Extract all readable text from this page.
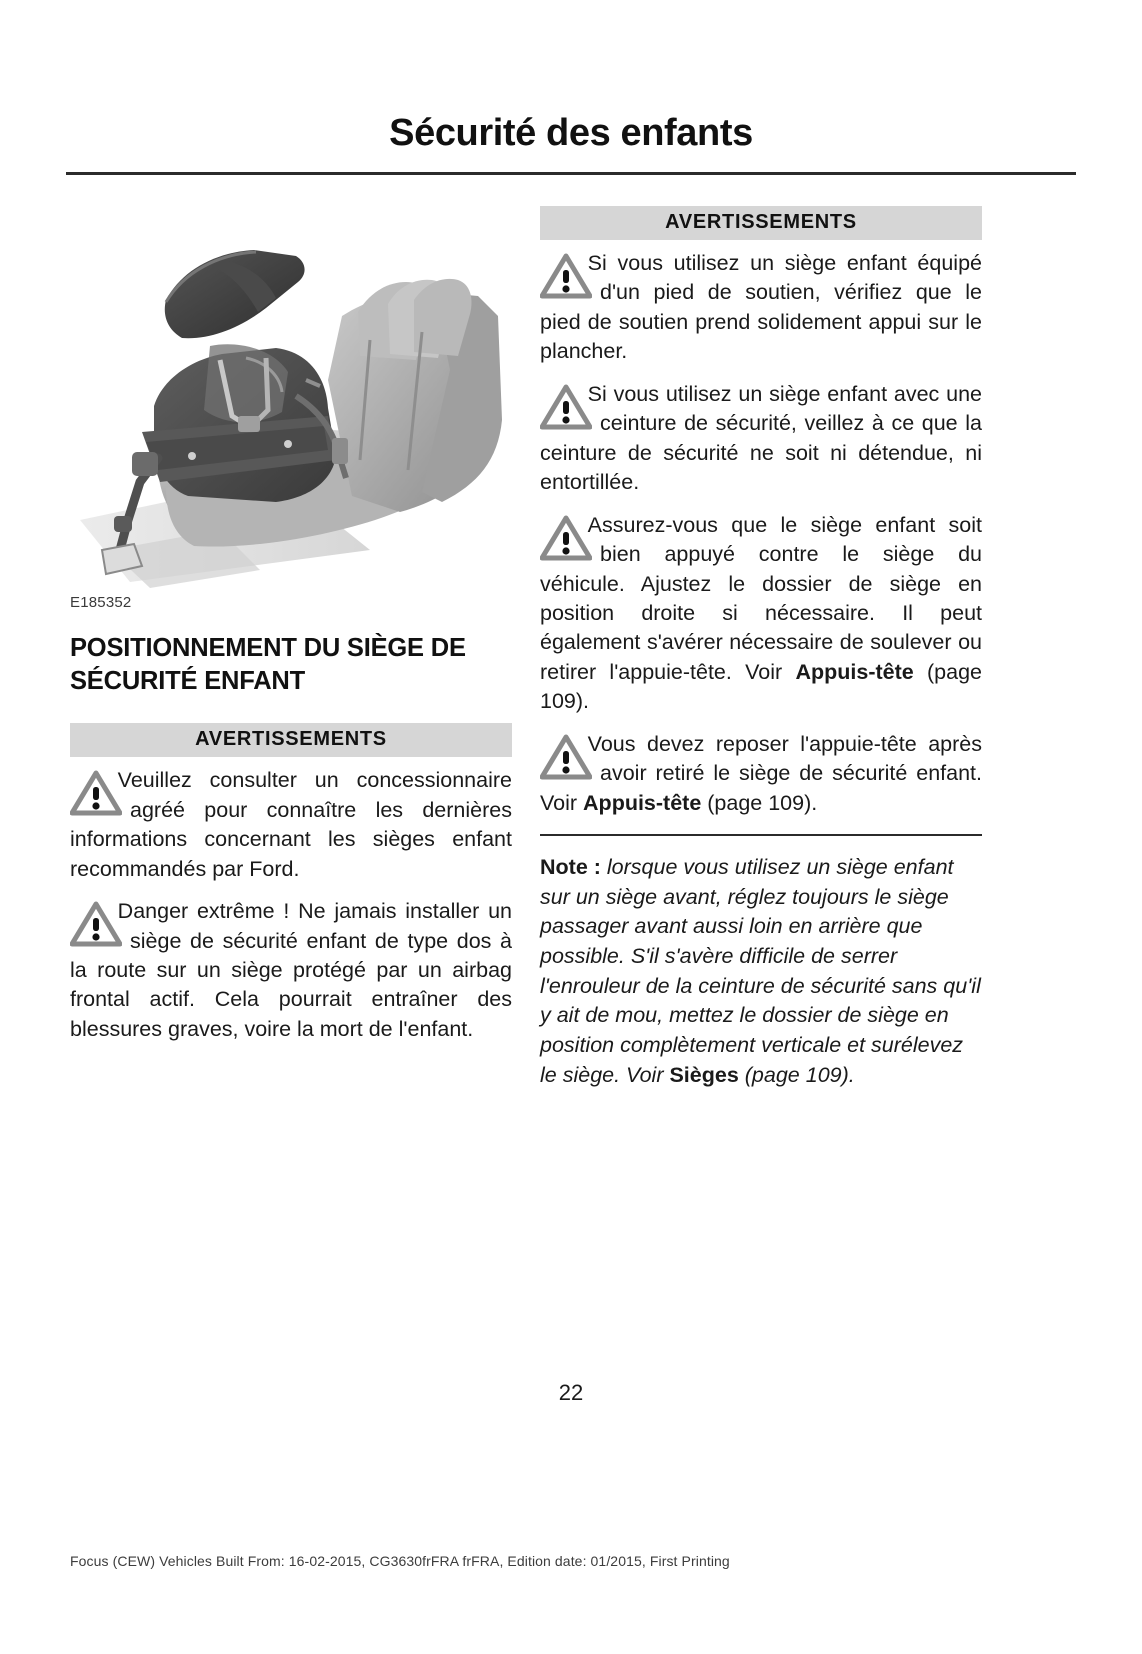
Sécurité des enfants
E185352
POSITIONNEMENT DU SIÈGE DE SÉCURITÉ ENFANT
AVERTISSEMENTS

Veuillez consulter un concessionnaire agréé pour connaître les dernières informations concernant les sièges enfant recommandés par Ford.

Danger extrême ! Ne jamais installer un siège de sécurité enfant de type dos à la route sur un siège protégé par un airbag frontal actif. Cela pourrait entraîner des blessures graves, voire la mort de l'enfant.

AVERTISSEMENTS

Si vous utilisez un siège enfant équipé d'un pied de soutien, vérifiez que le pied de soutien prend solidement appui sur le plancher.

Si vous utilisez un siège enfant avec une ceinture de sécurité, veillez à ce que la ceinture de sécurité ne soit ni détendue, ni entortillée.

Assurez-vous que le siège enfant soit bien appuyé contre le siège du véhicule. Ajustez le dossier de siège en position droite si nécessaire. Il peut également s'avérer nécessaire de soulever ou retirer l'appuie-tête. Voir Appuis-tête (page 109).

Vous devez reposer l'appuie-tête après avoir retiré le siège de sécurité enfant. Voir Appuis-tête (page 109).

Note : lorsque vous utilisez un siège enfant sur un siège avant, réglez toujours le siège passager avant aussi loin en arrière que possible. S'il s'avère difficile de serrer l'enrouleur de la ceinture de sécurité sans qu'il y ait de mou, mettez le dossier de siège en position complètement verticale et surélevez le siège. Voir Sièges (page 109).
22
Focus (CEW) Vehicles Built From: 16-02-2015, CG3630frFRA frFRA, Edition date: 01/2015, First Printing
